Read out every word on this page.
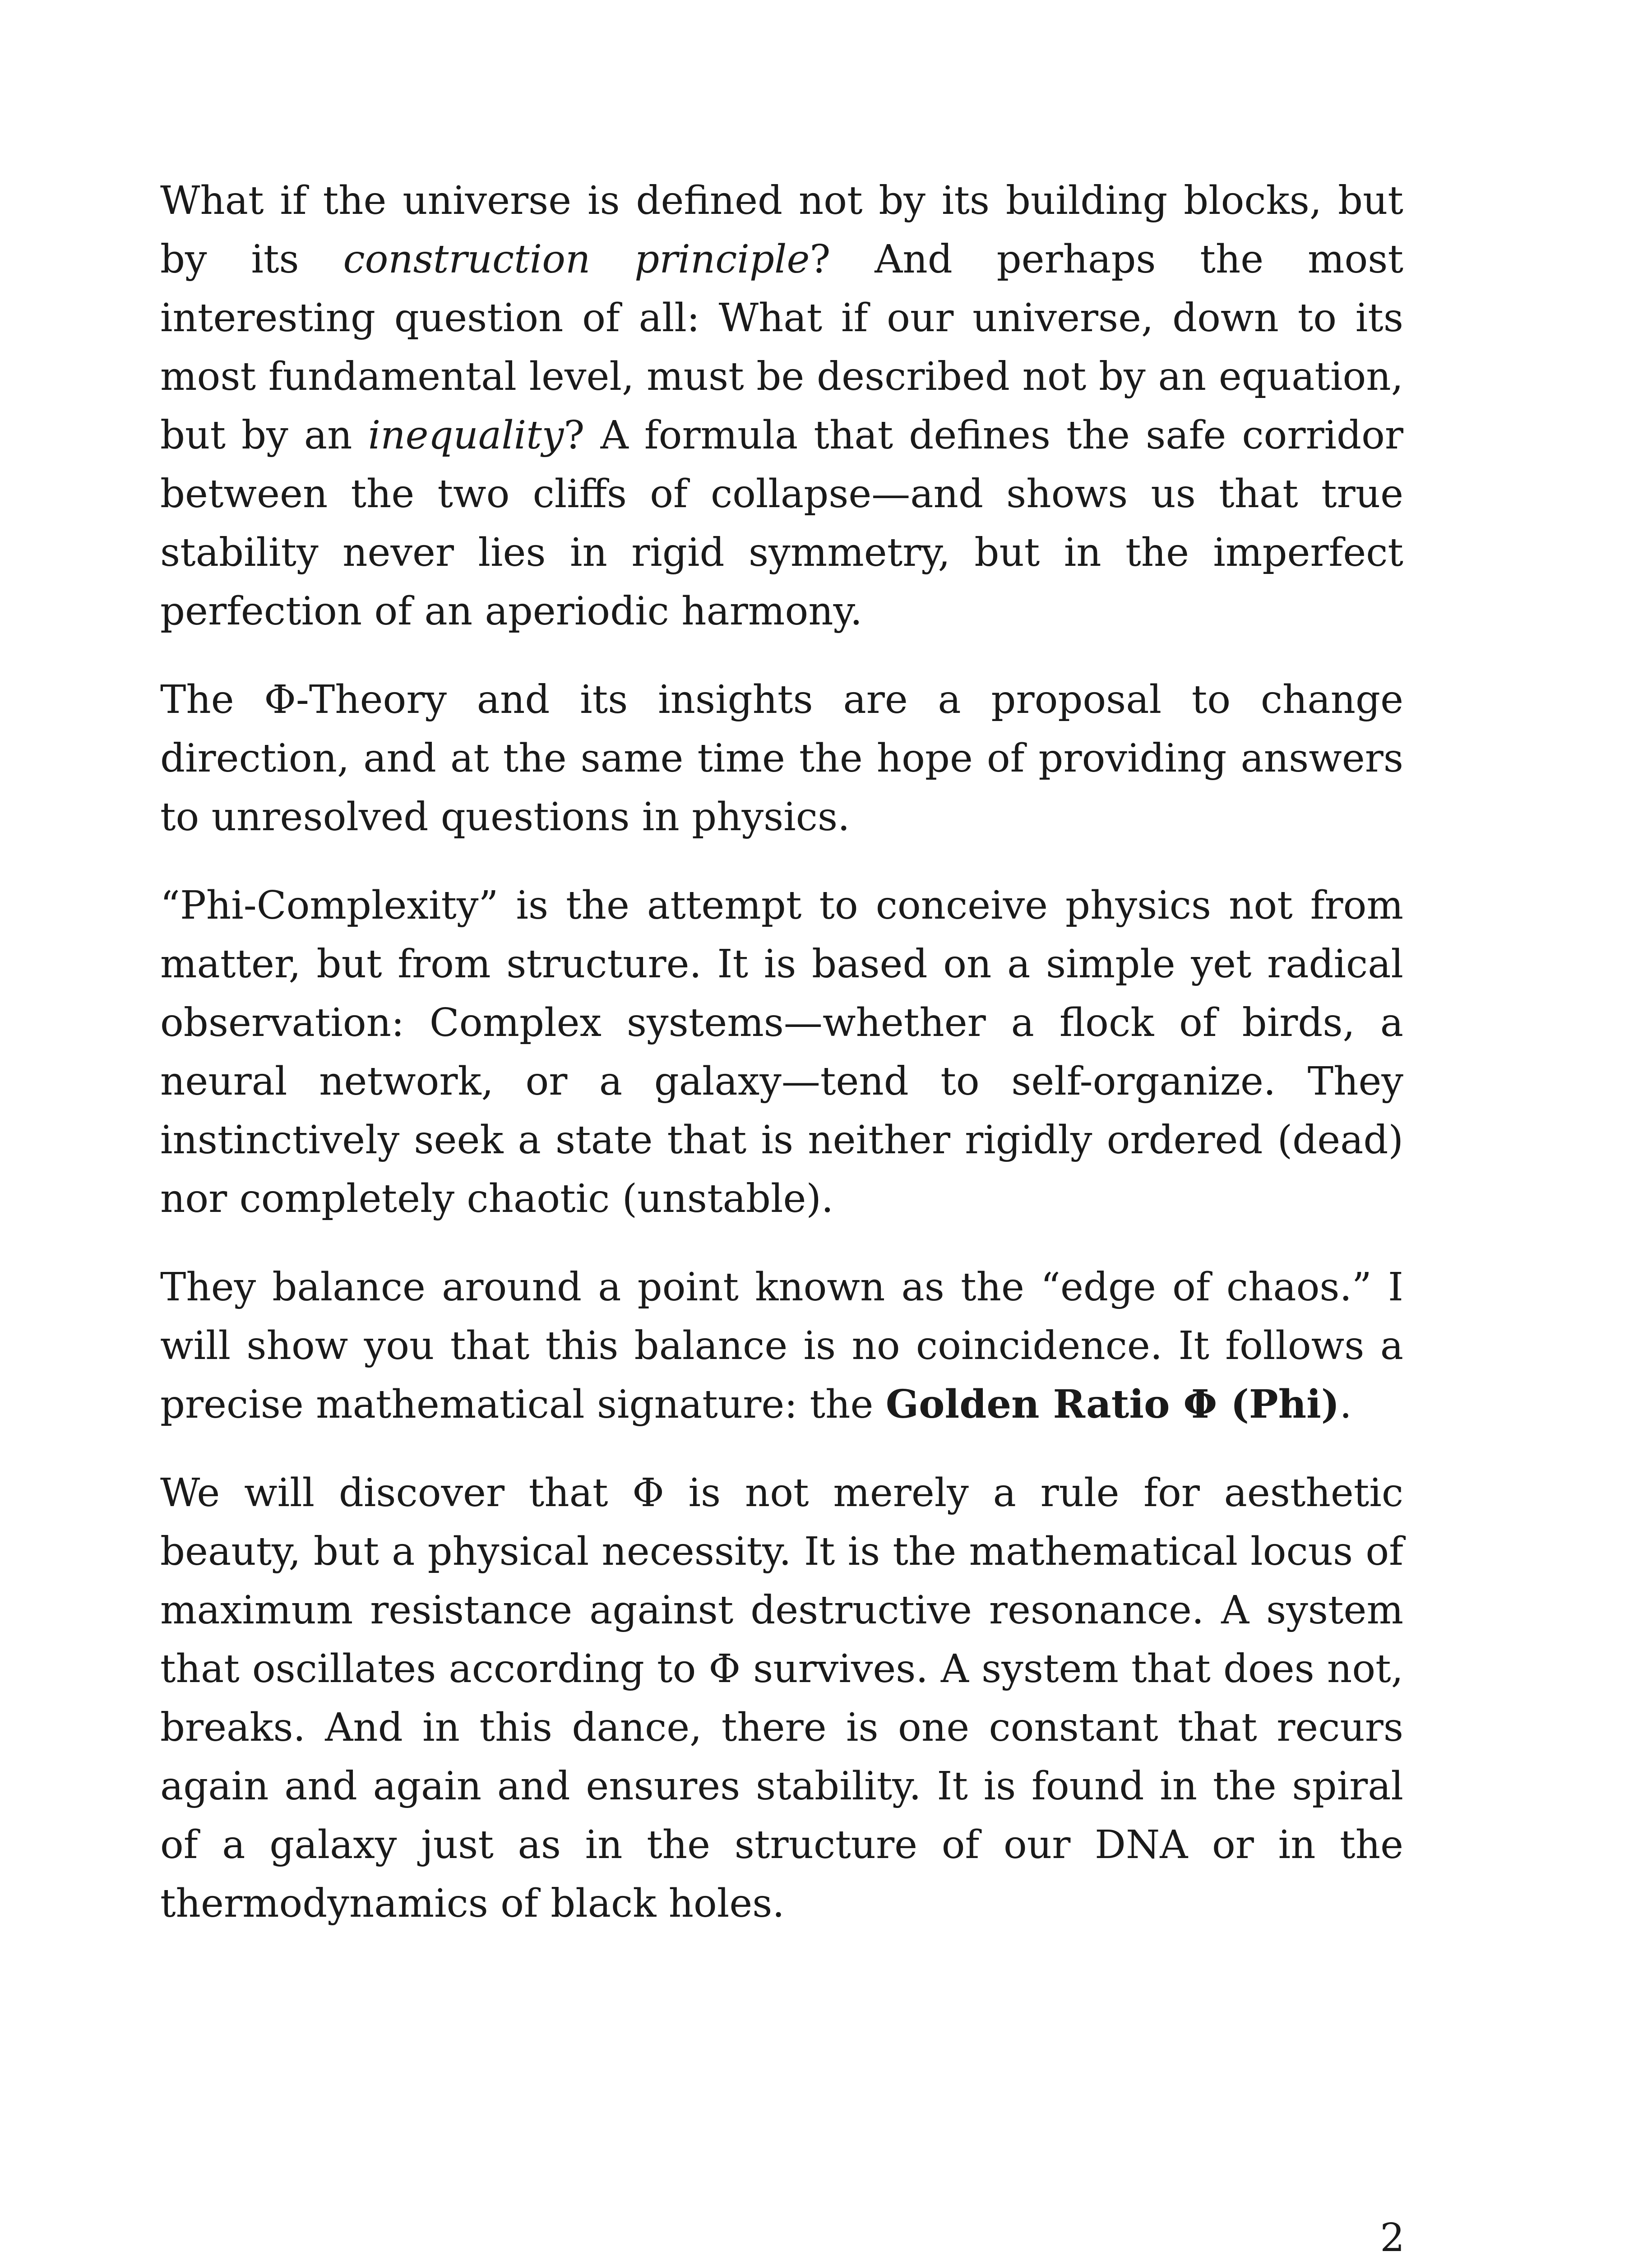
What if the universe is defined not by its building blocks, but by its construction principle? And perhaps the most interesting question of all: What if our universe, down to its most fundamental level, must be described not by an equation, but by an inequality? A formula that defines the safe corridor between the two cliffs of collapse—and shows us that true stability never lies in rigid symmetry, but in the imperfect perfection of an aperiodic harmony.

The Φ-Theory and its insights are a proposal to change direction, and at the same time the hope of providing answers to unresolved questions in physics.

“Phi-Complexity” is the attempt to conceive physics not from matter, but from structure. It is based on a simple yet radical observation: Complex systems—whether a flock of birds, a neural network, or a galaxy—tend to self-organize. They instinctively seek a state that is neither rigidly ordered (dead) nor completely chaotic (unstable).

They balance around a point known as the “edge of chaos.” I will show you that this balance is no coincidence. It follows a precise mathematical signature: the Golden Ratio Φ (Phi).

We will discover that Φ is not merely a rule for aesthetic beauty, but a physical necessity. It is the mathematical locus of maximum resistance against destructive resonance. A system that oscillates according to Φ survives. A system that does not, breaks. And in this dance, there is one constant that recurs again and again and ensures stability. It is found in the spiral of a galaxy just as in the structure of our DNA or in the thermodynamics of black holes.

2
